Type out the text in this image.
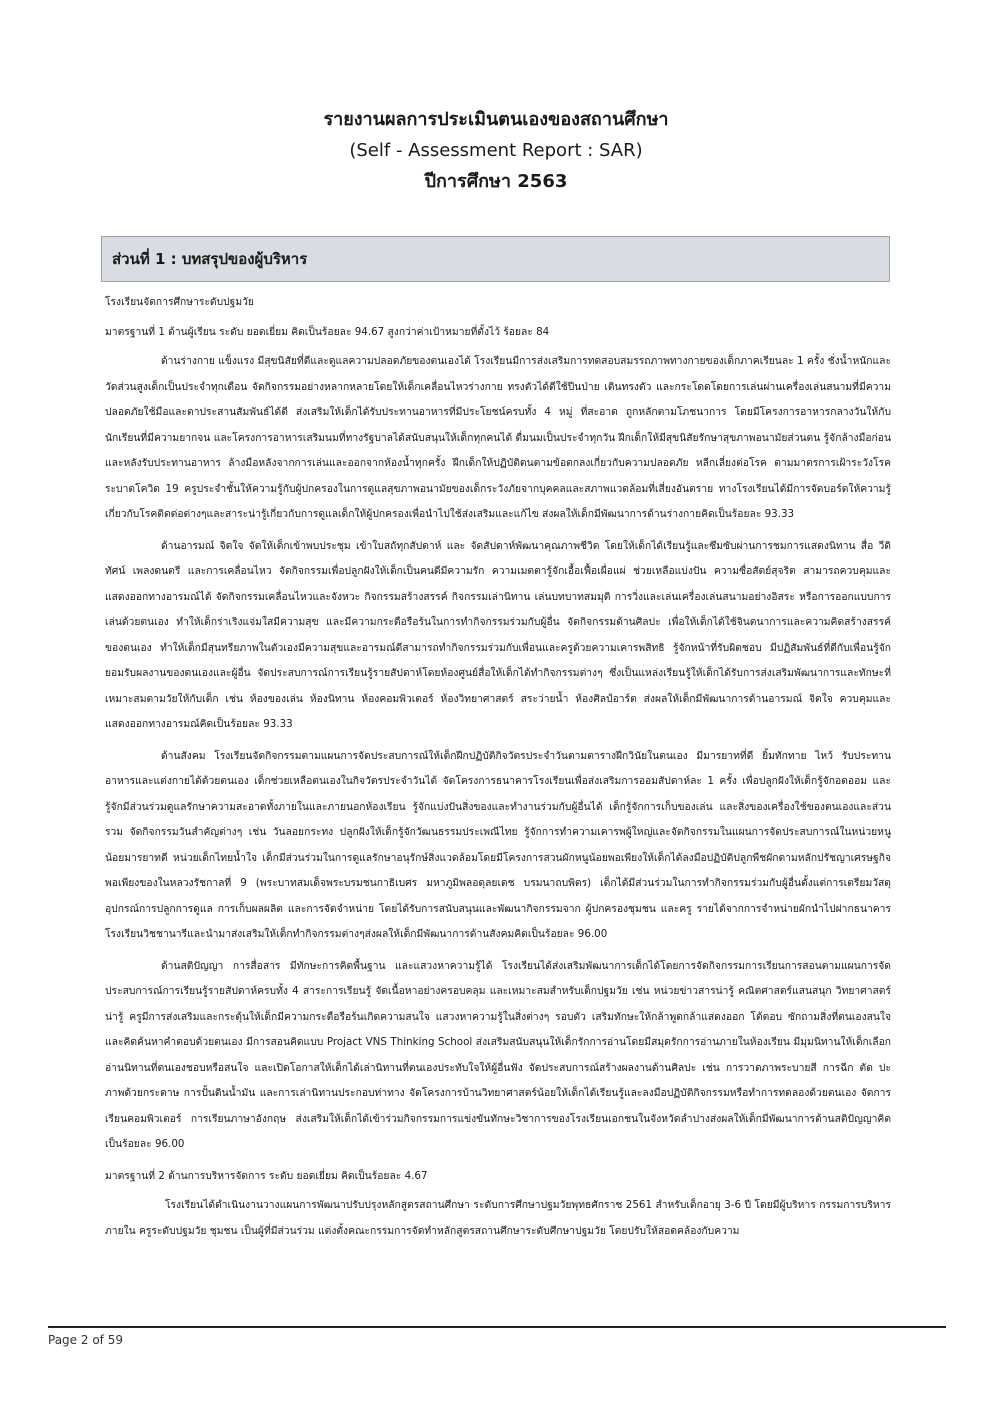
รายงานผลการประเมินตนเองของสถานศึกษา
(Self - Assessment Report : SAR)
ปีการศึกษา 2563
ส่วนที่ 1 : บทสรุปของผู้บริหาร

โรงเรียนจัดการศึกษาระดับปฐมวัย

มาตรฐานที่ 1 ด้านผู้เรียน ระดับ ยอดเยี่ยม คิดเป็นร้อยละ 94.67 สูงกว่าค่าเป้าหมายที่ตั้งไว้ ร้อยละ 84

ด้านร่างกาย แข็งแรง มีสุขนิสัยที่ดีและดูแลความปลอดภัยของตนเองได้ โรงเรียนมีการส่งเสริมการทดสอบสมรรถภาพทางกายของเด็กภาคเรียนละ 1 ครั้ง ชั่งน้ำหนักและวัดส่วนสูงเด็กเป็นประจำทุกเดือน จัดกิจกรรมอย่างหลากหลายโดยให้เด็กเคลื่อนไหวร่างกาย ทรงตัวได้ดีใช้ปีนป่าย เดินทรงตัว และกระโดดโดยการเล่นผ่านเครื่องเล่นสนามที่มีความปลอดภัยใช้มือและตาประสานสัมพันธ์ได้ดี ส่งเสริมให้เด็กได้รับประทานอาหารที่มีประโยชน์ครบทั้ง 4 หมู่ ที่สะอาด ถูกหลักตามโภชนาการ โดยมีโครงการอาหารกลางวันให้กับนักเรียนที่มีความยากจน และโครงการอาหารเสริมนมที่ทางรัฐบาลได้สนับสนุนให้เด็กทุกคนได้ ดื่มนมเป็นประจำทุกวัน ฝึกเด็กให้มีสุขนิสัยรักษาสุขภาพอนามัยส่วนตน รู้จักล้างมือก่อนและหลังรับประทานอาหาร ล้างมือหลังจากการเล่นและออกจากห้องน้ำทุกครั้ง ฝึกเด็กให้ปฏิบัติตนตามข้อตกลงเกี่ยวกับความปลอดภัย หลีกเลี่ยงต่อโรค ตามมาตรการเฝ้าระวังโรคระบาดโควิด 19 ครูประจำชั้นให้ความรู้กับผู้ปกครองในการดูแลสุขภาพอนามัยของเด็กระวังภัยจากบุคคลและสภาพแวดล้อมที่เสี่ยงอันตราย ทางโรงเรียนได้มีการจัดบอร์ดให้ความรู้เกี่ยวกับโรคติดต่อต่างๆและสาระน่ารู้เกี่ยวกับการดูแลเด็กให้ผู้ปกครองเพื่อนำไปใช้ส่งเสริมและแก้ไข ส่งผลให้เด็กมีพัฒนาการด้านร่างกายคิดเป็นร้อยละ 93.33

ด้านอารมณ์ จิตใจ จัดให้เด็กเข้าพบประชุม เข้าใบสถัทุกสัปดาห์ และ จัดสัปดาห์พัฒนาคุณภาพชีวิต โดยให้เด็กได้เรียนรู้และซึมซับผ่านการชมการแสดงนิทาน สื่อ วีดิทัศน์ เพลงดนตรี และการเคลื่อนไหว จัดกิจกรรมเพื่อปลูกฝังให้เด็กเป็นคนดีมีความรัก ความเมตตารู้จักเอื้อเฟื้อเผื่อแผ่ ช่วยเหลือแบ่งปัน ความซื่อสัตย์สุจริต สามารถควบคุมและแสดงออกทางอารมณ์ได้ จัดกิจกรรมเคลื่อนไหวและจังหวะ กิจกรรมสร้างสรรค์ กิจกรรมเล่านิทาน เล่นบทบาทสมมุติ การวิ่งและเล่นเครื่องเล่นสนามอย่างอิสระ หรือการออกแบบการเล่นด้วยตนเอง ทำให้เด็กร่าเริงแจ่มใสมีความสุข และมีความกระตือรือร้นในการทำกิจกรรมร่วมกับผู้อื่น จัดกิจกรรมด้านศิลปะ เพื่อให้เด็กได้ใช้จินตนาการและความคิดสร้างสรรค์ของตนเอง ทำให้เด็กมีสุนทรียภาพในตัวเองมีความสุขและอารมณ์ดีสามารถทำกิจกรรมร่วมกับเพื่อนและครูด้วยความเคารพสิทธิ รู้จักหน้าที่รับผิดชอบ มีปฏิสัมพันธ์ที่ดีกับเพื่อนรู้จักยอมรับผลงานของตนเองและผู้อื่น จัดประสบการณ์การเรียนรู้รายสัปดาห์โดยห้องศูนย์สื่อให้เด็กได้ทำกิจกรรมต่างๆ ซึ่งเป็นแหล่งเรียนรู้ให้เด็กได้รับการส่งเสริมพัฒนาการและทักษะที่เหมาะสมตามวัยให้กับเด็ก เช่น ห้องของเล่น ห้องนิทาน ห้องคอมพิวเตอร์ ห้องวิทยาศาสตร์ สระว่ายน้ำ ห้องศิลป์อาร์ต ส่งผลให้เด็กมีพัฒนาการด้านอารมณ์ จิตใจ ควบคุมและแสดงออกทางอารมณ์คิดเป็นร้อยละ 93.33

ด้านสังคม โรงเรียนจัดกิจกรรมตามแผนการจัดประสบการณ์ให้เด็กฝึกปฏิบัติกิจวัตรประจำวันตามตารางฝึกวินัยในตนเอง มีมารยาทที่ดี ยิ้มทักทาย ไหว้ รับประทานอาหารและแต่งกายได้ด้วยตนเอง เด็กช่วยเหลือตนเองในกิจวัตรประจำวันได้ จัดโครงการธนาคารโรงเรียนเพื่อส่งเสริมการออมสัปดาห์ละ 1 ครั้ง เพื่อปลูกฝังให้เด็กรู้จักอดออม และรู้จักมีส่วนร่วมดูแลรักษาความสะอาดทั้งภายในและภายนอกห้องเรียน รู้จักแบ่งปันสิ่งของและทำงานร่วมกับผู้อื่นได้ เด็กรู้จักการเก็บของเล่น และสิ่งของเครื่องใช้ของตนเองและส่วนรวม จัดกิจกรรมวันสำคัญต่างๆ เช่น วันลอยกระทง ปลูกฝังให้เด็กรู้จักวัฒนธรรมประเพณีไทย รู้จักการทำความเคารพผู้ใหญ่และจัดกิจกรรมในแผนการจัดประสบการณ์ในหน่วยหนูน้อยมารยาทดี หน่วยเด็กไทยน้ำใจ เด็กมีส่วนร่วมในการดูแลรักษาอนุรักษ์สิ่งแวดล้อมโดยมีโครงการสวนผักหนูน้อยพอเพียงให้เด็กได้ลงมือปฏิบัติปลูกพืชผักตามหลักปรัชญาเศรษฐกิจพอเพียงของในหลวงรัชกาลที่ 9 (พระบาทสมเด็จพระบรมชนกาธิเบศร มหาภูมิพลอดุลยเดช บรมนาถบพิตร) เด็กได้มีส่วนร่วมในการทำกิจกรรมร่วมกับผู้อื่นตั้งแต่การเตรียมวัสดุอุปกรณ์การปลูกการดูแล การเก็บผลผลิต และการจัดจำหน่าย โดยได้รับการสนับสนุนและพัฒนากิจกรรมจาก ผู้ปกครองชุมชน และครู รายได้จากการจำหน่ายผักนำไปฝากธนาคารโรงเรียนวิชชานารีและนำมาส่งเสริมให้เด็กทำกิจกรรมต่างๆส่งผลให้เด็กมีพัฒนาการด้านสังคมคิดเป็นร้อยละ 96.00

ด้านสติปัญญา การสื่อสาร มีทักษะการคิดพื้นฐาน และแสวงหาความรู้ได้ โรงเรียนได้ส่งเสริมพัฒนาการเด็กได้โดยการจัดกิจกรรมการเรียนการสอนตามแผนการจัดประสบการณ์การเรียนรู้รายสัปดาห์ครบทั้ง 4 สาระการเรียนรู้ จัดเนื้อหาอย่างครอบคลุม และเหมาะสมสำหรับเด็กปฐมวัย เช่น หน่วยข่าวสารน่ารู้ คณิตศาสตร์แสนสนุก วิทยาศาสตร์น่ารู้ ครูมีการส่งเสริมและกระตุ้นให้เด็กมีความกระตือรือร้นเกิดความสนใจ แสวงหาความรู้ในสิ่งต่างๆ รอบตัว เสริมทักษะให้กล้าพูดกล้าแสดงออก โต้ตอบ ซักถามสิ่งที่ตนเองสนใจและคิดค้นหาคำตอบด้วยตนเอง มีการสอนคิดแบบ Projact VNS Thinking School ส่งเสริมสนับสนุนให้เด็กรักการอ่านโดยมีสมุดรักการอ่านภายในห้องเรียน มีมุมนิทานให้เด็กเลือกอ่านนิทานที่ตนเองชอบหรือสนใจ และเปิดโอกาสให้เด็กได้เล่านิทานที่ตนเองประทับใจให้ผู้อื่นฟัง จัดประสบการณ์สร้างผลงานด้านศิลปะ เช่น การวาดภาพระบายสี การฉีก ตัด ปะ ภาพด้วยกระดาษ การปั้นดินน้ำมัน และการเล่านิทานประกอบท่าทาง จัดโครงการบ้านวิทยาศาสตร์น้อยให้เด็กได้เรียนรู้และลงมือปฏิบัติกิจกรรมหรือทำการทดลองด้วยตนเอง จัดการเรียนคอมพิวเตอร์ การเรียนภาษาอังกฤษ ส่งเสริมให้เด็กได้เข้าร่วมกิจกรรมการแข่งขันทักษะวิชาการของโรงเรียนเอกชนในจังหวัดลำปางส่งผลให้เด็กมีพัฒนาการด้านสติปัญญาคิดเป็นร้อยละ 96.00

มาตรฐานที่ 2 ด้านการบริหารจัดการ ระดับ ยอดเยี่ยม คิดเป็นร้อยละ 4.67

โรงเรียนได้ดำเนินงานวางแผนการพัฒนาปรับปรุงหลักสูตรสถานศึกษา ระดับการศึกษาปฐมวัยพุทธศักราช 2561 สำหรับเด็กอายุ 3-6 ปี โดยมีผู้บริหาร กรรมการบริหารภายใน ครูระดับปฐมวัย ชุมชน เป็นผู้ที่มีส่วนร่วม แต่งตั้งคณะกรรมการจัดทำหลักสูตรสถานศึกษาระดับศึกษาปฐมวัย โดยปรับให้สอดคล้องกับความ

Page 2 of 59
